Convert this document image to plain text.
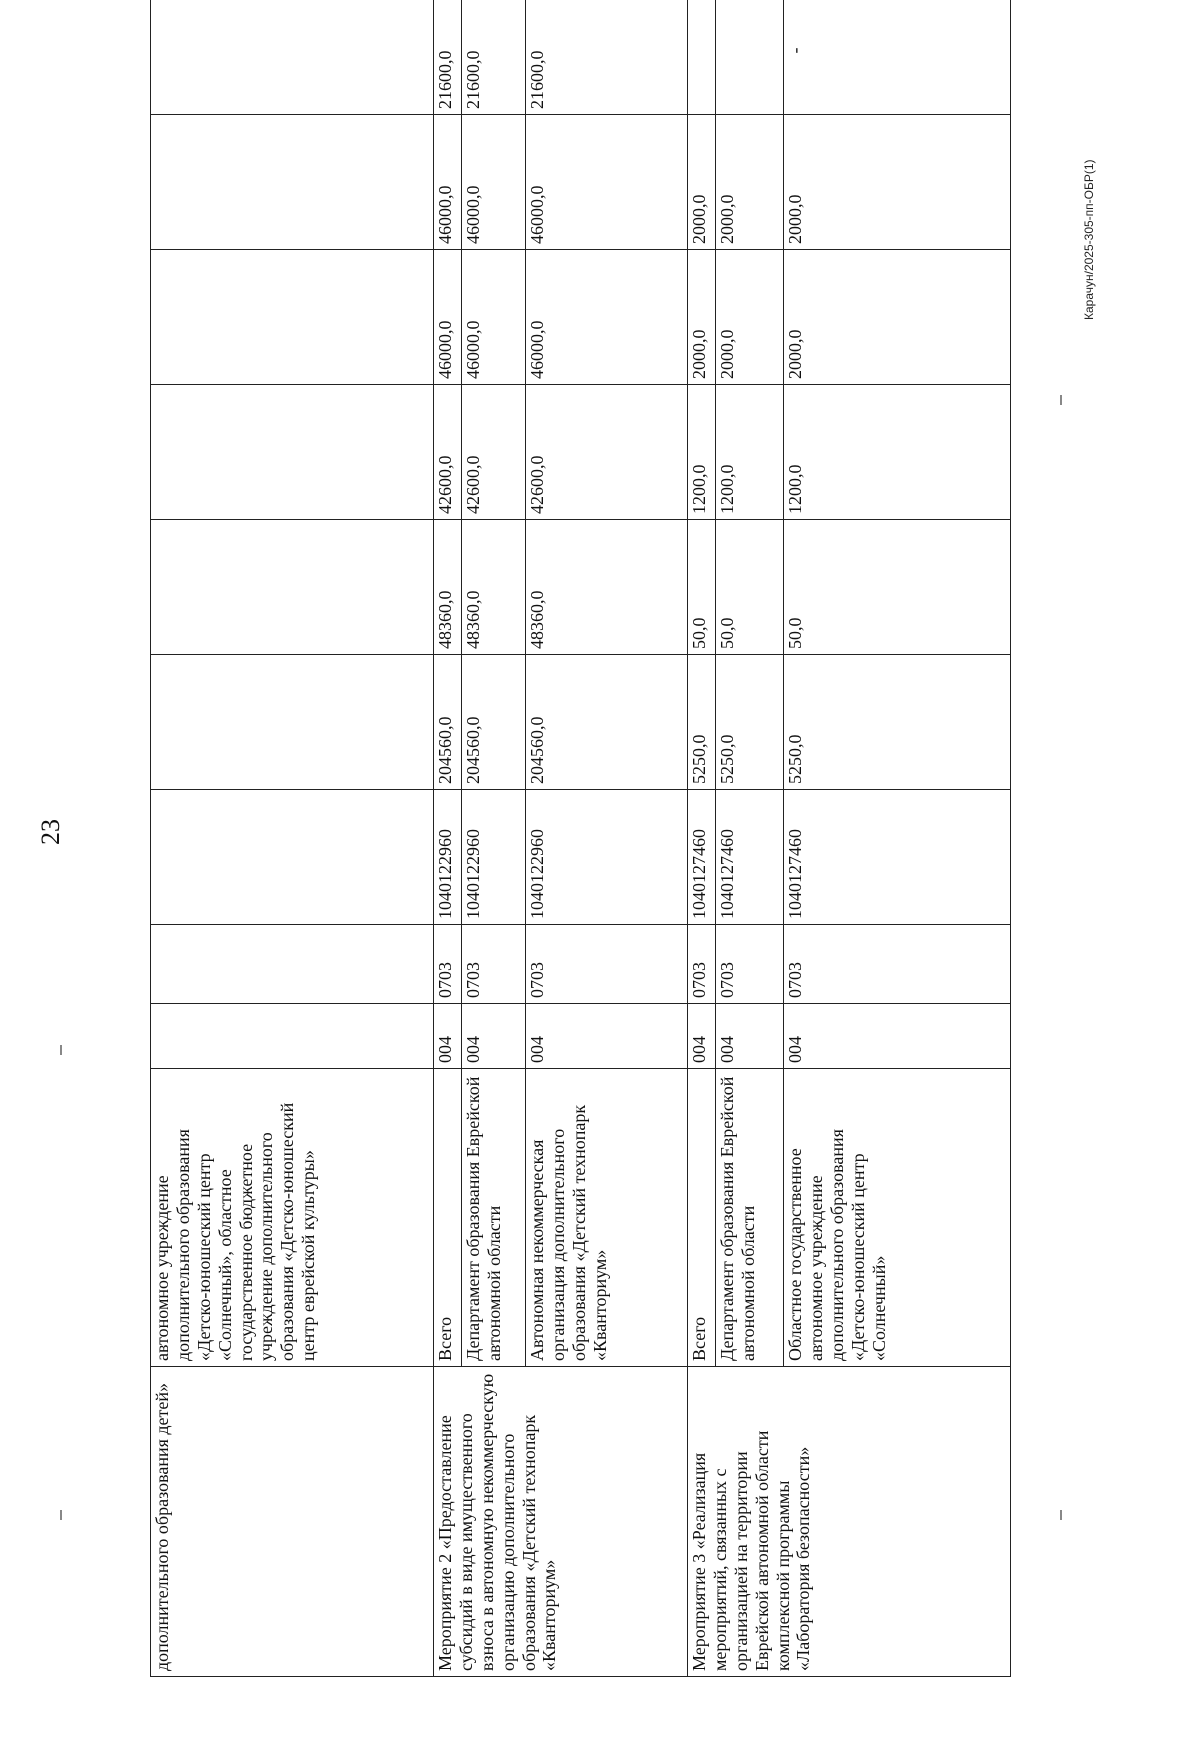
23
Карачун/2025-305-пп-ОБР(1)
дополнительного образования детей»	автономное учреждение дополнительного образования «Детско-юношеский центр «Солнечный», областное государственное бюджетное учреждение дополнительного образования «Детско-юношеский центр еврейской культуры»									
Мероприятие 2 «Предоставление субсидий в виде имущественного взноса в автономную некоммерческую организацию дополнительного образования «Детский технопарк «Кванториум»	Всего	004	0703	1040122960	204560,0	48360,0	42600,0	46000,0	46000,0	21600,0
	Департамент образования Еврейской автономной области	004	0703	1040122960	204560,0	48360,0	42600,0	46000,0	46000,0	21600,0
	Автономная некоммерческая организация дополнительного образования «Детский технопарк «Кванториум»	004	0703	1040122960	204560,0	48360,0	42600,0	46000,0	46000,0	21600,0
Мероприятие 3 «Реализация мероприятий, связанных с организацией на территории Еврейской автономной области комплексной программы «Лаборатория безопасности»	Всего	004	0703	1040127460	5250,0	50,0	1200,0	2000,0	2000,0	
	Департамент образования Еврейской автономной области	004	0703	1040127460	5250,0	50,0	1200,0	2000,0	2000,0	
	Областное государственное автономное учреждение дополнительного образования «Детско-юношеский центр «Солнечный»	004	0703	1040127460	5250,0	50,0	1200,0	2000,0	2000,0	-
